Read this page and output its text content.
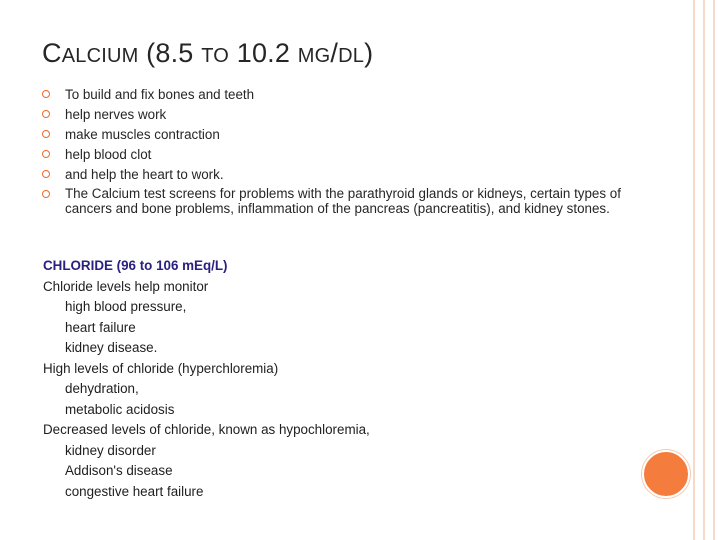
CALCIUM (8.5 TO 10.2 MG/DL)
To build and fix bones and teeth
help nerves work
make muscles contraction
help blood clot
and help the heart to work.
The Calcium test screens for problems with the parathyroid glands or kidneys, certain types of cancers and bone problems, inflammation of the pancreas (pancreatitis), and kidney stones.
CHLORIDE (96 to 106 mEq/L)
Chloride levels help monitor
high blood pressure,
heart failure
kidney disease.
High levels of chloride (hyperchloremia)
dehydration,
metabolic acidosis
Decreased levels of chloride, known as hypochloremia,
kidney disorder
Addison's disease
congestive heart failure
